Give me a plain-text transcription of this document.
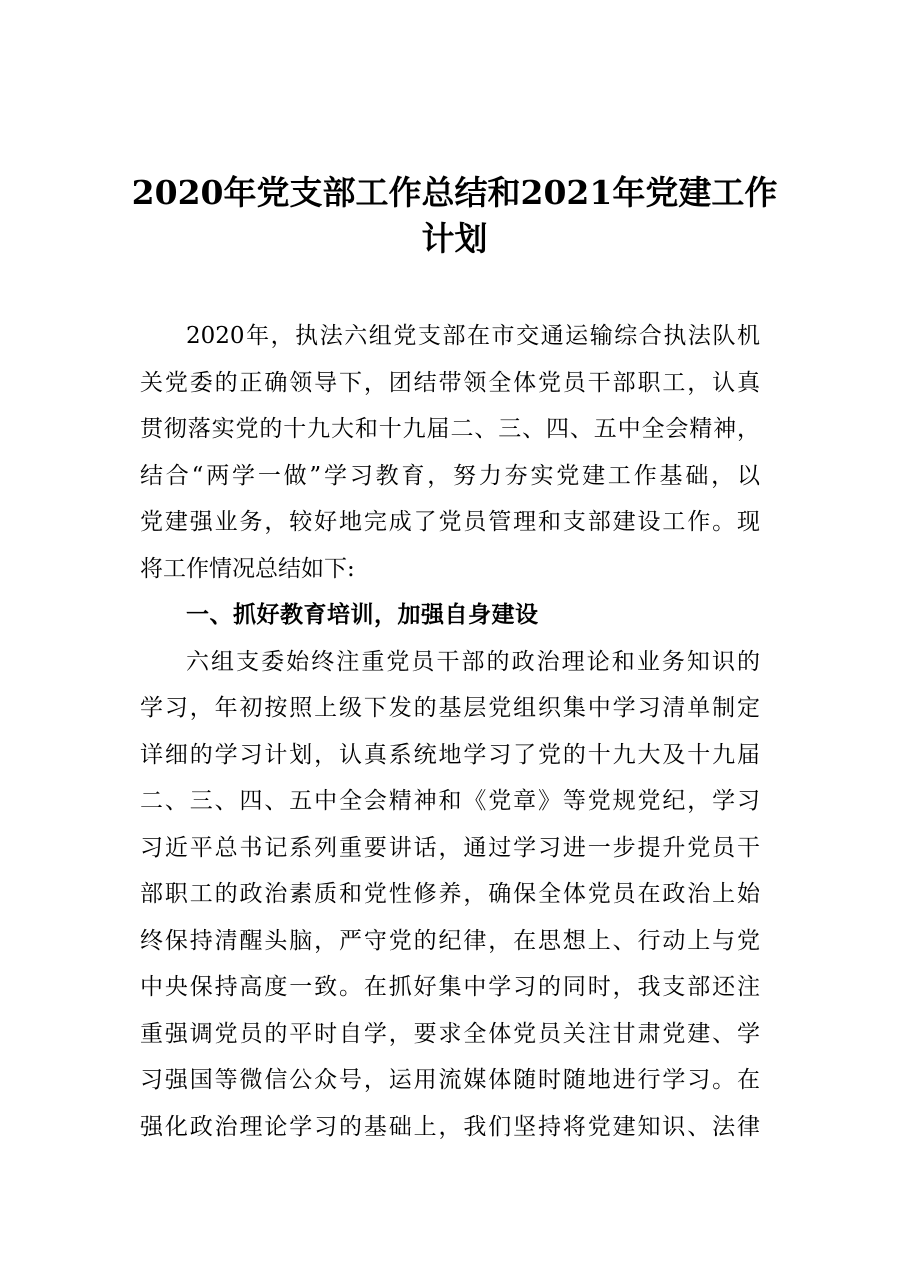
2020年党支部工作总结和2021年党建工作
计划
2020年，执法六组党支部在市交通运输综合执法队机
关党委的正确领导下，团结带领全体党员干部职工，认真
贯彻落实党的十九大和十九届二、三、四、五中全会精神，
结合“两学一做”学习教育，努力夯实党建工作基础，以
党建强业务，较好地完成了党员管理和支部建设工作。现
将工作情况总结如下:
一、抓好教育培训，加强自身建设
六组支委始终注重党员干部的政治理论和业务知识的
学习，年初按照上级下发的基层党组织集中学习清单制定
详细的学习计划，认真系统地学习了党的十九大及十九届
二、三、四、五中全会精神和《党章》等党规党纪，学习
习近平总书记系列重要讲话，通过学习进一步提升党员干
部职工的政治素质和党性修养，确保全体党员在政治上始
终保持清醒头脑，严守党的纪律，在思想上、行动上与党
中央保持高度一致。在抓好集中学习的同时，我支部还注
重强调党员的平时自学，要求全体党员关注甘肃党建、学
习强国等微信公众号，运用流媒体随时随地进行学习。在
强化政治理论学习的基础上，我们坚持将党建知识、法律
